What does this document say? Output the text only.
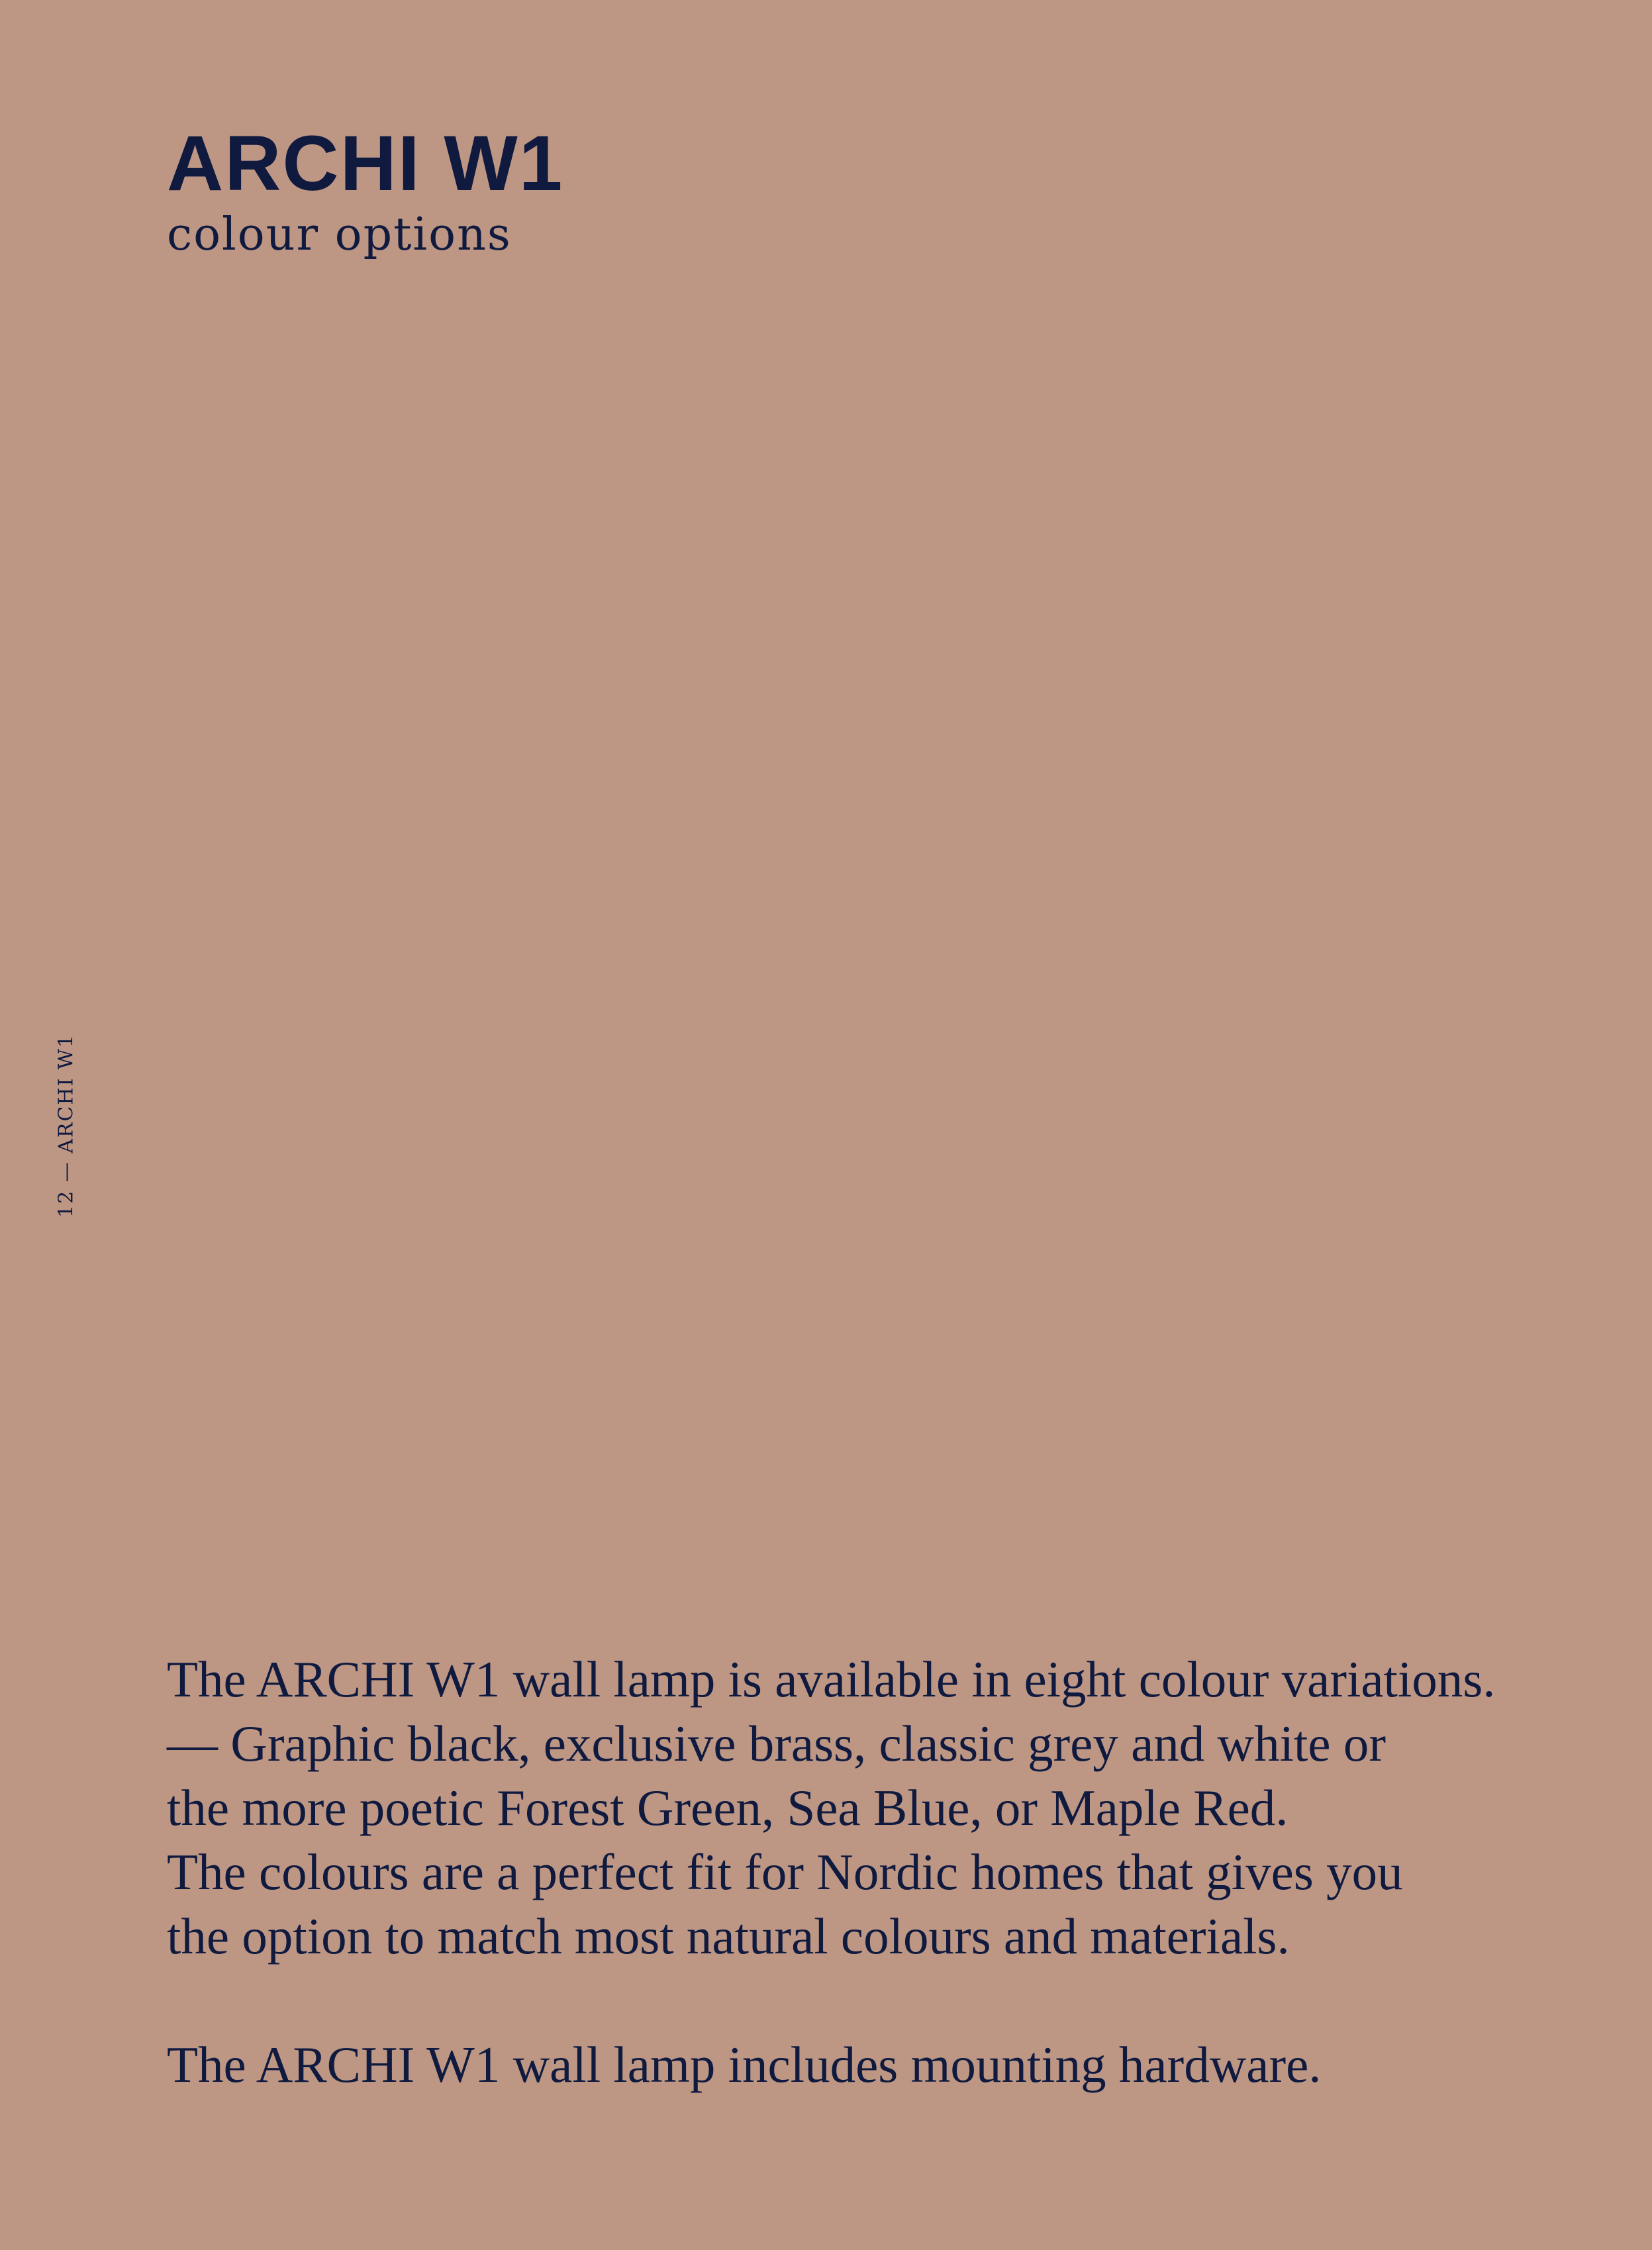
ARCHI W1
colour options
12 — ARCHI W1

The ARCHI W1 wall lamp is available in eight colour variations.

— Graphic black, exclusive brass, classic grey and white or

the more poetic Forest Green, Sea Blue, or Maple Red.

The colours are a perfect fit for Nordic homes that gives you

the option to match most natural colours and materials.

The ARCHI W1 wall lamp includes mounting hardware.
